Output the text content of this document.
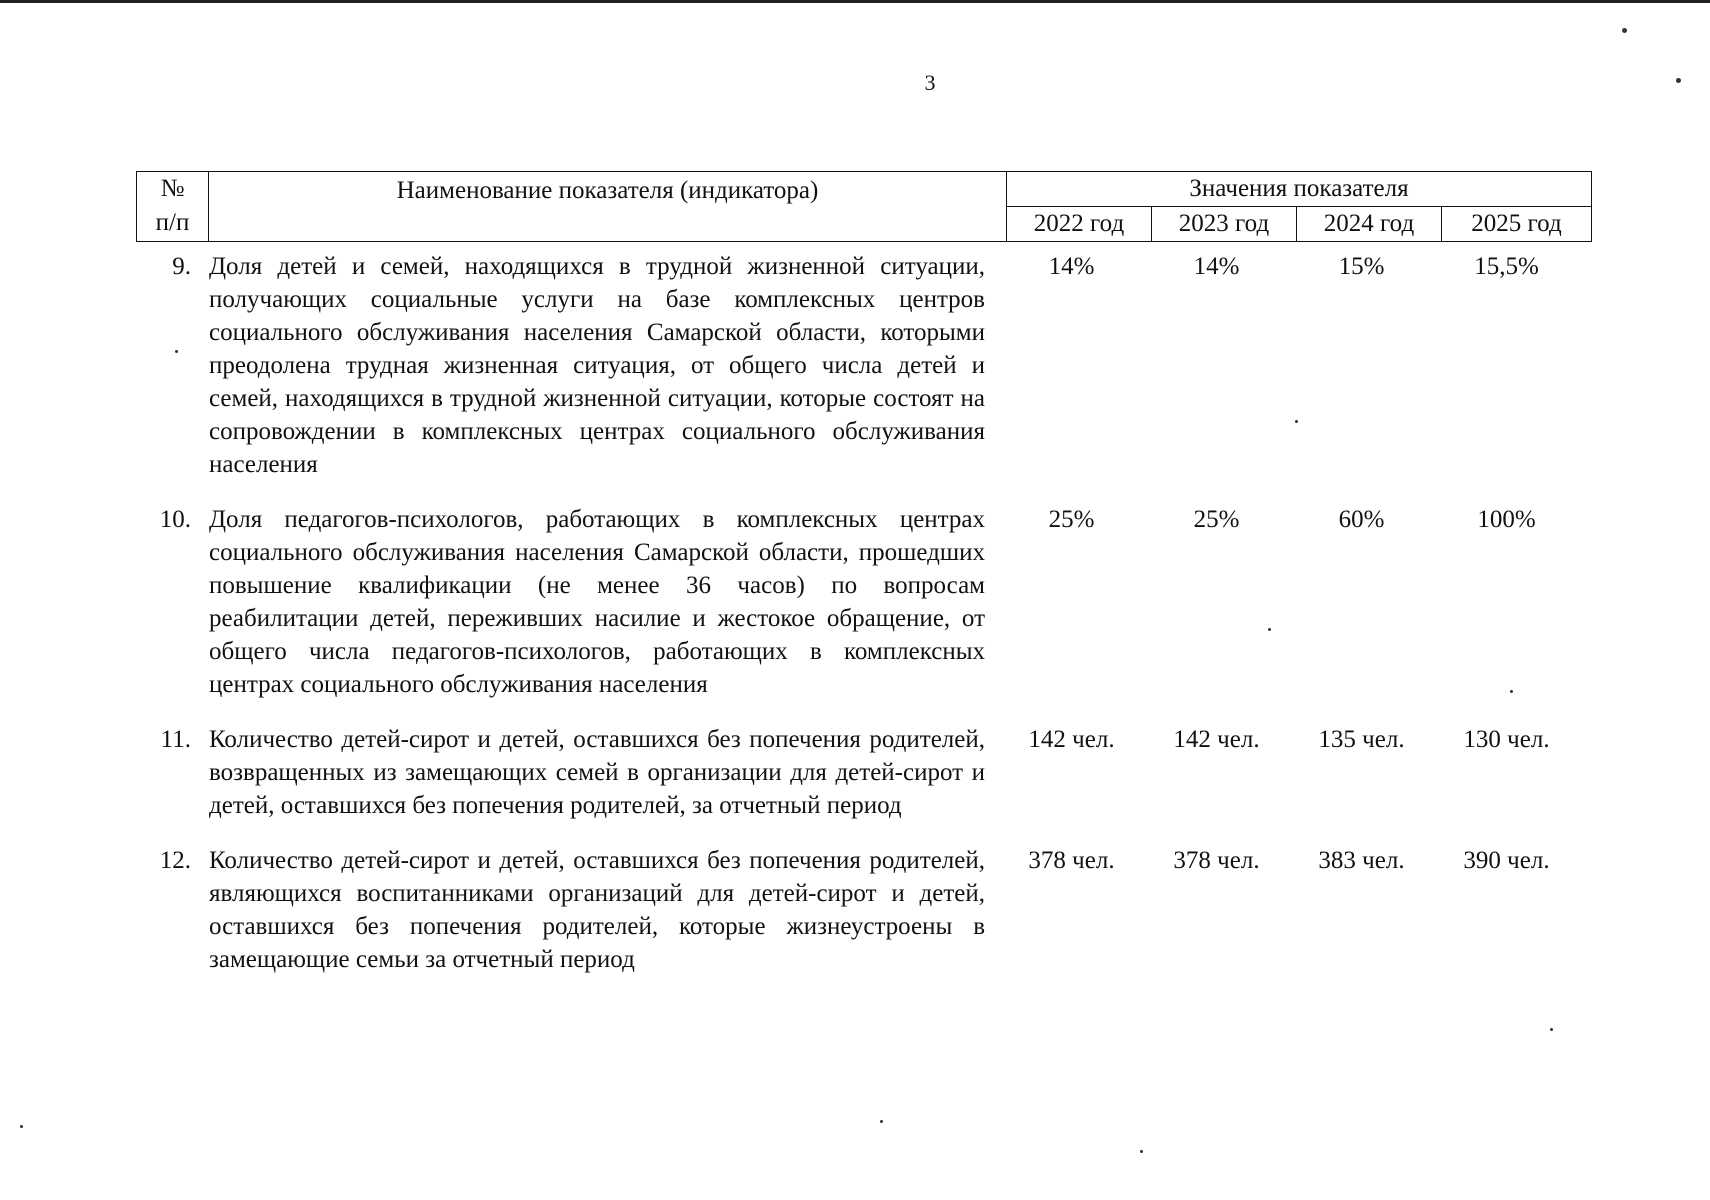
3
№
п/п	Наименование показателя (индикатора)	Значения показателя			
		2022 год	2023 год	2024 год	2025 год
9. Доля детей и семей, находящихся в трудной жизненной ситуации, получающих социальные услуги на базе комплексных центров социального обслуживания населения Самарской области, которыми преодолена трудная жизненная ситуация, от общего числа детей и семей, находящихся в трудной жизненной ситуации, которые состоят на сопровождении в комплексных центрах социального обслуживания населения
14%	14%	15%	15,5%
10. Доля педагогов-психологов, работающих в комплексных центрах социального обслуживания населения Самарской области, прошедших повышение квалификации (не менее 36 часов) по вопросам реабилитации детей, переживших насилие и жестокое обращение, от общего числа педагогов-психологов, работающих в комплексных центрах социального обслуживания населения
25%	25%	60%	100%
11. Количество детей-сирот и детей, оставшихся без попечения родителей, возвращенных из замещающих семей в организации для детей-сирот и детей, оставшихся без попечения родителей, за отчетный период
142 чел.	142 чел.	135 чел.	130 чел.
12. Количество детей-сирот и детей, оставшихся без попечения родителей, являющихся воспитанниками организаций для детей-сирот и детей, оставшихся без попечения родителей, которые жизнеустроены в замещающие семьи за отчетный период
378 чел.	378 чел.	383 чел.	390 чел.
